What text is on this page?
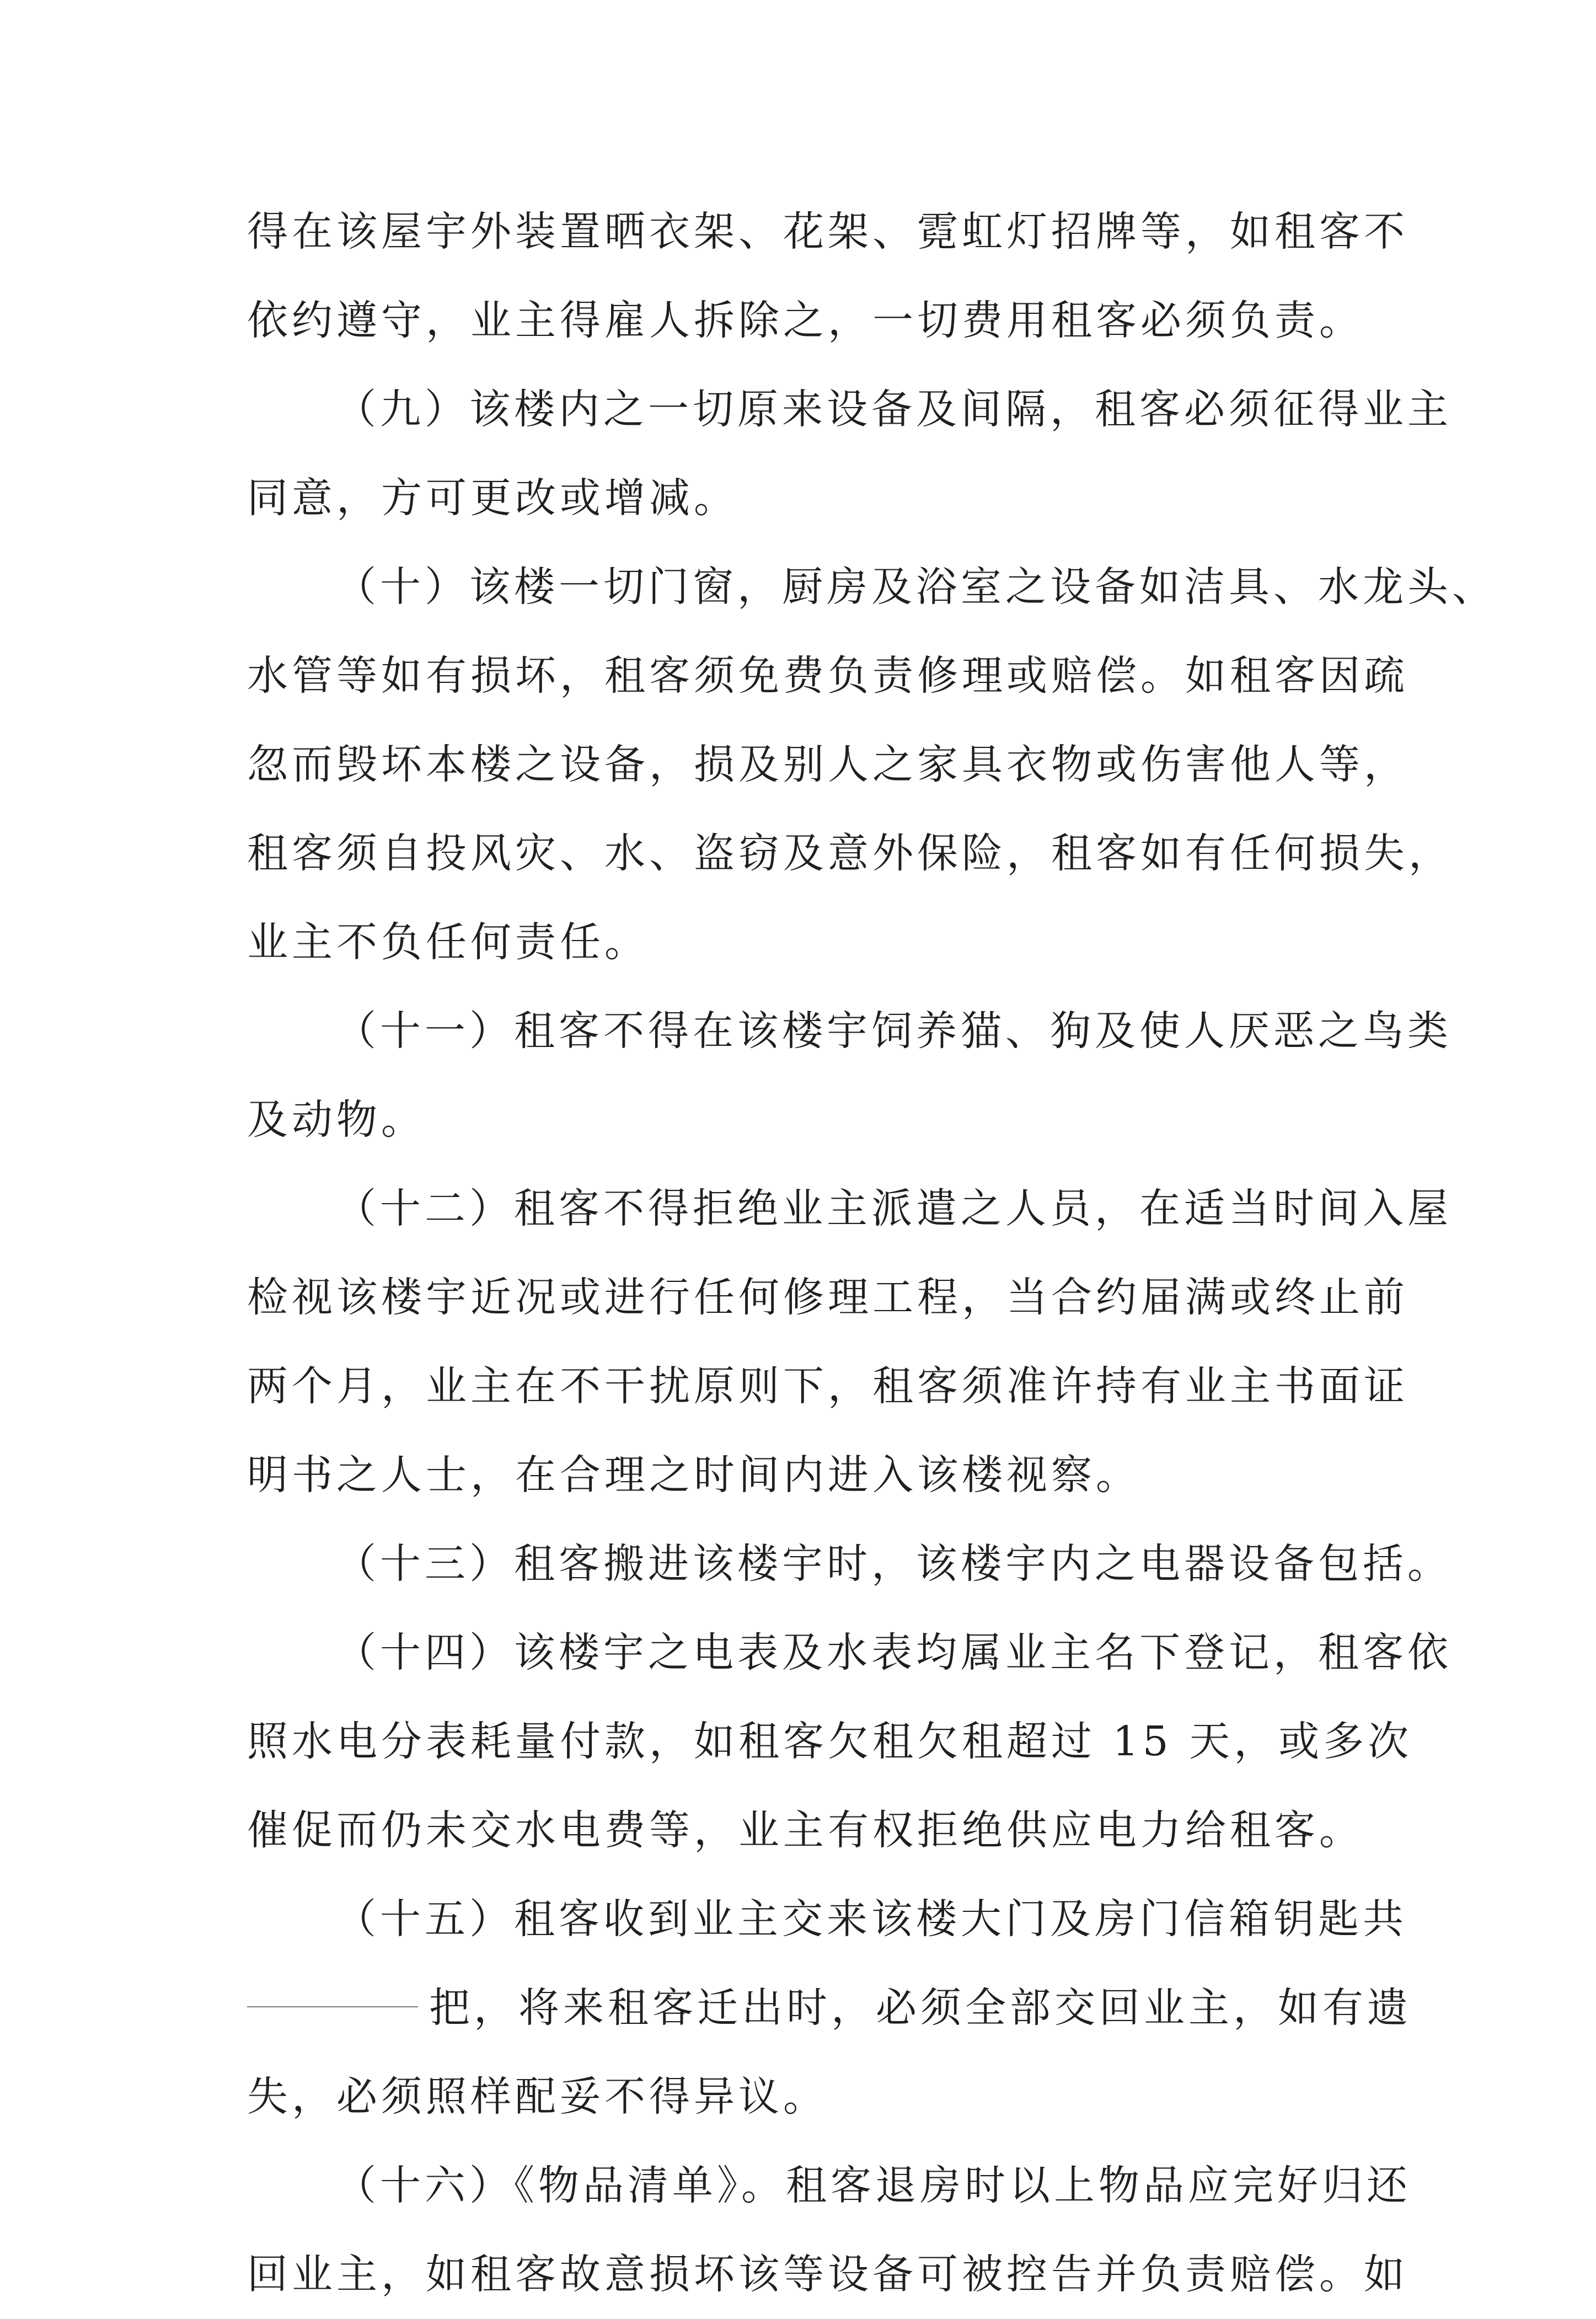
得在该屋宇外装置晒衣架、花架、霓虹灯招牌等，如租客不
依约遵守，业主得雇人拆除之，一切费用租客必须负责。

（九）该楼内之一切原来设备及间隔，租客必须征得业主
同意，方可更改或增减。

（十）该楼一切门窗，厨房及浴室之设备如洁具、水龙头、
水管等如有损坏，租客须免费负责修理或赔偿。如租客因疏
忽而毁坏本楼之设备，损及别人之家具衣物或伤害他人等，
租客须自投风灾、水、盗窃及意外保险，租客如有任何损失，
业主不负任何责任。

（十一）租客不得在该楼宇饲养猫、狗及使人厌恶之鸟类
及动物。

（十二）租客不得拒绝业主派遣之人员，在适当时间入屋
检视该楼宇近况或进行任何修理工程，当合约届满或终止前
两个月，业主在不干扰原则下，租客须准许持有业主书面证
明书之人士，在合理之时间内进入该楼视察。

（十三）租客搬进该楼宇时，该楼宇内之电器设备包括。

（十四）该楼宇之电表及水表均属业主名下登记，租客依
照水电分表耗量付款，如租客欠租欠租超过 15 天，或多次
催促而仍未交水电费等，业主有权拒绝供应电力给租客。

（十五）租客收到业主交来该楼大门及房门信箱钥匙共
把，将来租客迁出时，必须全部交回业主，如有遗
失，必须照样配妥不得异议。

（十六）《物品清单》。租客退房时以上物品应完好归还
回业主，如租客故意损坏该等设备可被控告并负责赔偿。如
